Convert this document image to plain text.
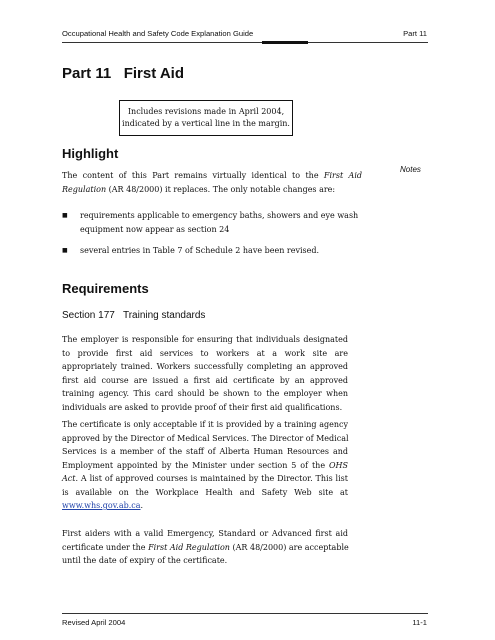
Occupational Health and Safety Code Explanation Guide	Part 11
Part 11   First Aid
Includes revisions made in April 2004,
indicated by a vertical line in the margin.
Notes
Highlight
The content of this Part remains virtually identical to the First Aid
Regulation (AR 48/2000) it replaces. The only notable changes are:
■ requirements applicable to emergency baths, showers and eye wash
equipment now appear as section 24
■ several entries in Table 7 of Schedule 2 have been revised.
Requirements
Section 177   Training standards
The employer is responsible for ensuring that individuals designated
to provide first aid services to workers at a work site are
appropriately trained. Workers successfully completing an approved
first aid course are issued a first aid certificate by an approved
training agency. This card should be shown to the employer when
individuals are asked to provide proof of their first aid qualifications.
The certificate is only acceptable if it is provided by a training agency
approved by the Director of Medical Services. The Director of Medical
Services is a member of the staff of Alberta Human Resources and
Employment appointed by the Minister under section 5 of the OHS
Act. A list of approved courses is maintained by the Director. This list
is available on the Workplace Health and Safety Web site at
www.whs.gov.ab.ca.
First aiders with a valid Emergency, Standard or Advanced first aid
certificate under the First Aid Regulation (AR 48/2000) are acceptable
until the date of expiry of the certificate.
Revised April 2004	11-1
